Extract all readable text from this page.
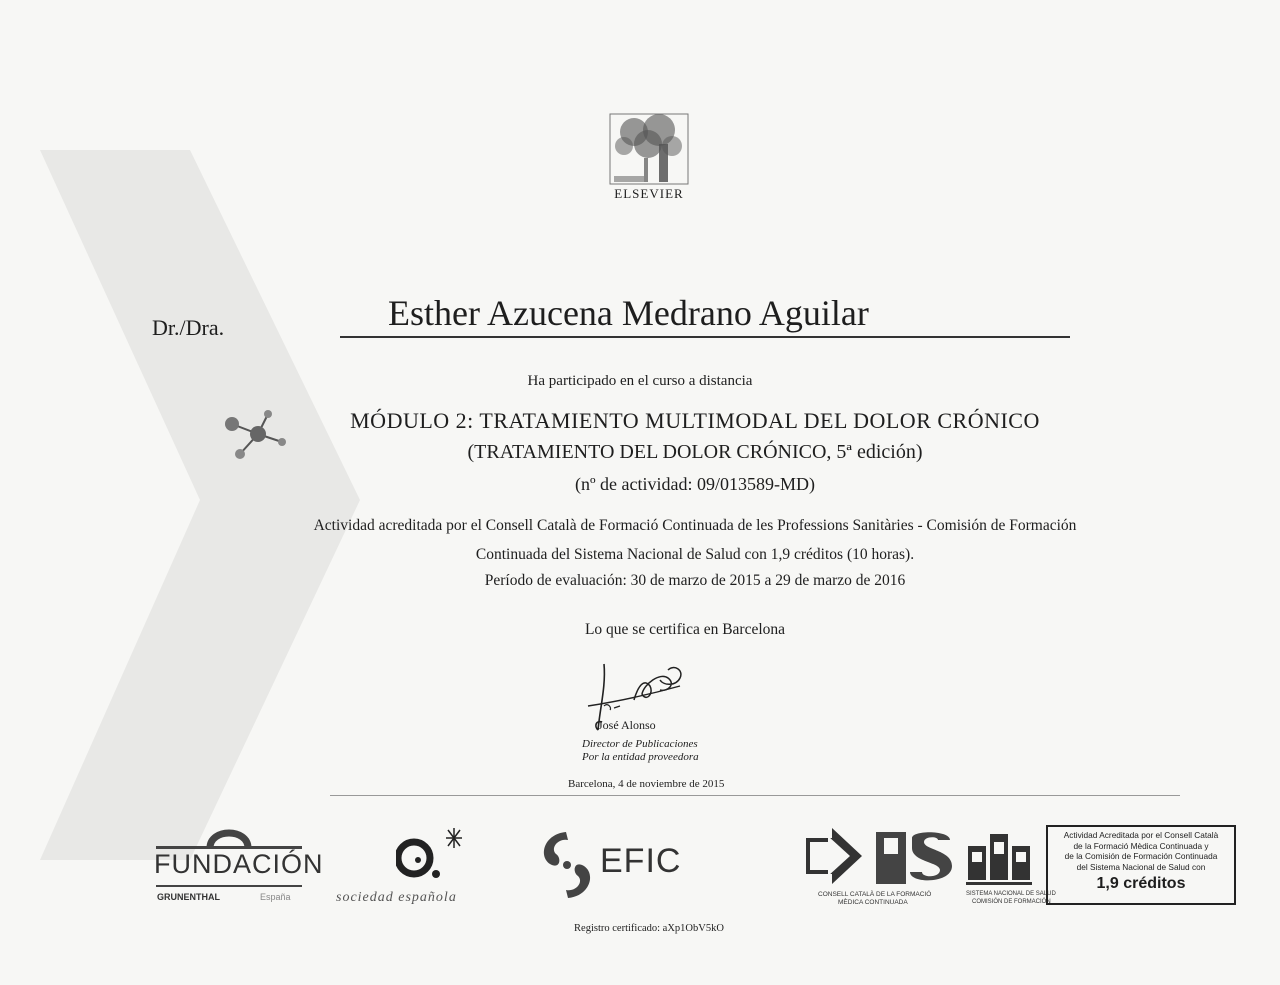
ELSEVIER
Dr./Dra.	Esther Azucena Medrano Aguilar
Ha participado en el curso a distancia
MÓDULO 2: TRATAMIENTO MULTIMODAL DEL DOLOR CRÓNICO
(TRATAMIENTO DEL DOLOR CRÓNICO, 5ª edición)
(nº de actividad: 09/013589-MD)
Actividad acreditada por el Consell Català de Formació Continuada de les Professions Sanitàries - Comisión de Formación
Continuada del Sistema Nacional de Salud con 1,9 créditos (10 horas).
Período de evaluación: 30 de marzo de 2015 a 29 de marzo de 2016
Lo que se certifica en Barcelona
José Alonso
Director de Publicaciones
Por la entidad proveedora
Barcelona, 4 de noviembre de 2015
FUNDACIÓN
GRUNENTHAL	España	sociedad española
EFIC
CONSELL CATALÀ DE LA FORMACIÓ
MÈDICA CONTINUADA
SISTEMA NACIONAL DE SALUD
COMISIÓN DE FORMACIÓN
Actividad Acreditada por el Consell Català
de la Formació Mèdica Continuada y
de la Comisión de Formación Continuada
del Sistema Nacional de Salud con
1,9 créditos
Registro certificado: aXp1ObV5kO
